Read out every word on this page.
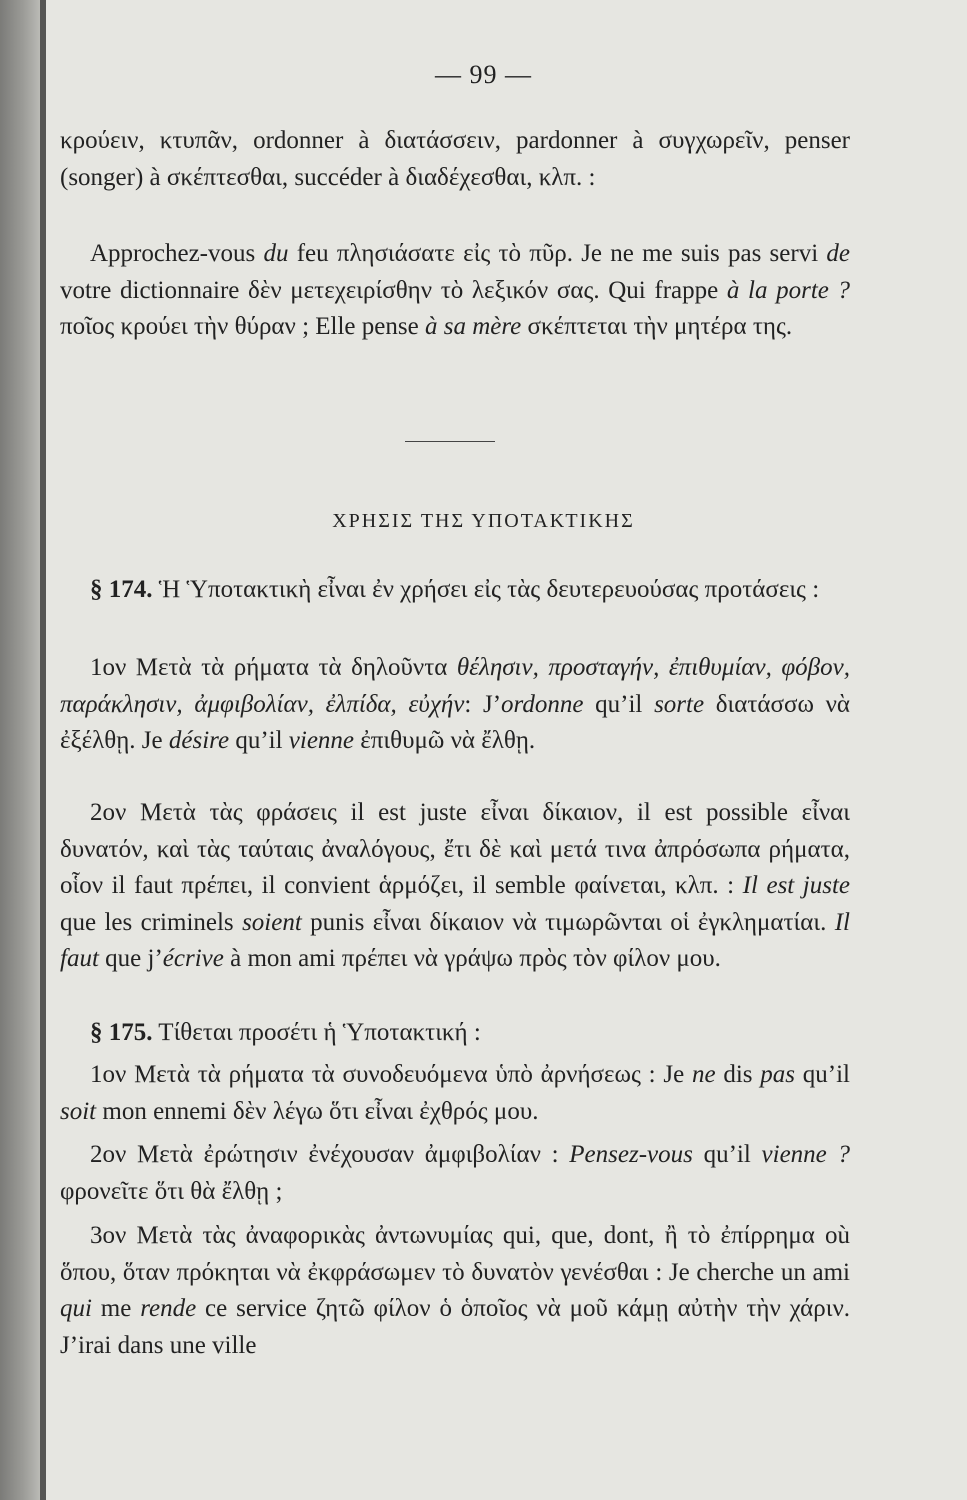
— 99 —

κρούειν, κτυπᾶν, ordonner à διατάσσειν, pardonner à συγχωρεῖν, penser (songer) à σκέπτεσθαι, succéder à διαδέχεσθαι, κλπ. :

Approchez-vous du feu πλησιάσατε εἰς τὸ πῦρ. Je ne me suis pas servi de votre dictionnaire δὲν μετεχειρίσθην τὸ λεξικόν σας. Qui frappe à la porte ? ποῖος κρούει τὴν θύραν ; Elle pense à sa mère σκέπτεται τὴν μητέρα της.

ΧΡΗΣΙΣ ΤΗΣ ΥΠΟΤΑΚΤΙΚΗΣ

§ 174. Ἡ Ὑποτακτικὴ εἶναι ἐν χρήσει εἰς τὰς δευτερευούσας προτάσεις :

1ον Μετὰ τὰ ρήματα τὰ δηλοῦντα θέλησιν, προσταγήν, ἐπιθυμίαν, φόβον, παράκλησιν, ἀμφιβολίαν, ἐλπίδα, εὐχήν: J’ordonne qu’il sorte διατάσσω νὰ ἐξέλθῃ. Je désire qu’il vienne ἐπιθυμῶ νὰ ἔλθῃ.

2ον Μετὰ τὰς φράσεις il est juste εἶναι δίκαιον, il est possible εἶναι δυνατόν, καὶ τὰς ταύταις ἀναλόγους, ἔτι δὲ καὶ μετά τινα ἀπρόσωπα ρήματα, οἷον il faut πρέπει, il convient ἁρμόζει, il semble φαίνεται, κλπ. : Il est juste que les criminels soient punis εἶναι δίκαιον νὰ τιμωρῶνται οἱ ἐγκληματίαι. Il faut que j’écrive à mon ami πρέπει νὰ γράψω πρὸς τὸν φίλον μου.

§ 175. Τίθεται προσέτι ἡ Ὑποτακτική :

1ον Μετὰ τὰ ρήματα τὰ συνοδευόμενα ὑπὸ ἀρνήσεως : Je ne dis pas qu’il soit mon ennemi δὲν λέγω ὅτι εἶναι ἐχθρός μου.

2ον Μετὰ ἐρώτησιν ἐνέχουσαν ἀμφιβολίαν : Pensez-vous qu’il vienne ? φρονεῖτε ὅτι θὰ ἔλθῃ ;

3ον Μετὰ τὰς ἀναφορικὰς ἀντωνυμίας qui, que, dont, ἢ τὸ ἐπίρρημα où ὅπου, ὅταν πρόκηται νὰ ἐκφράσωμεν τὸ δυνατὸν γενέσθαι : Je cherche un ami qui me rende ce service ζητῶ φίλον ὁ ὁποῖος νὰ μοῦ κάμῃ αὐτὴν τὴν χάριν. J’irai dans une ville
